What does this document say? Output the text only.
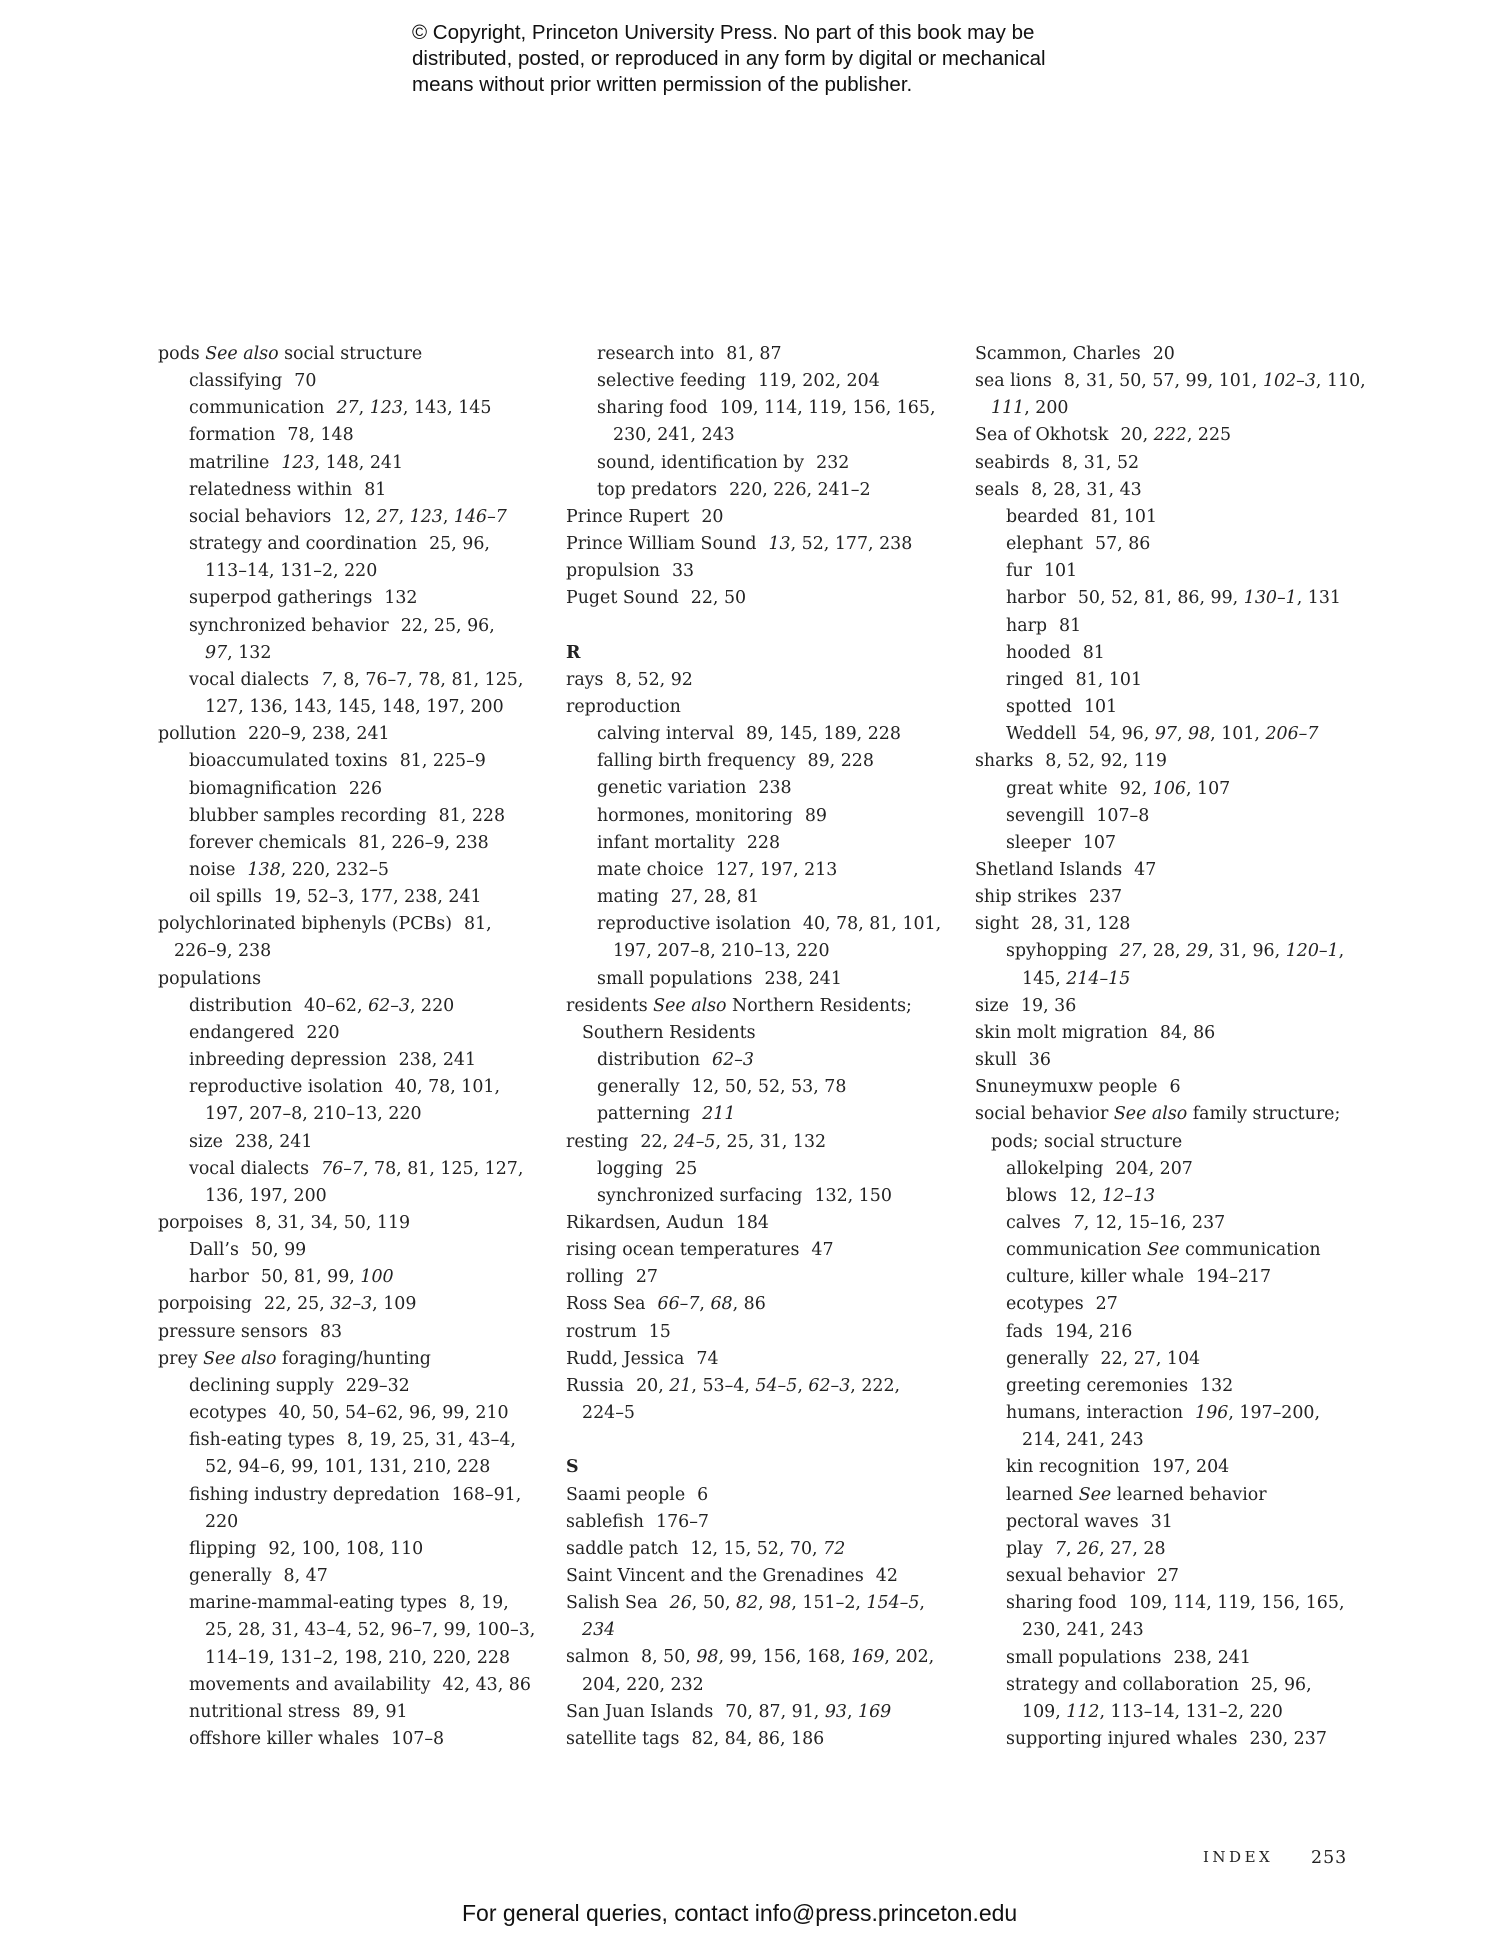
© Copyright, Princeton University Press. No part of this book may be
distributed, posted, or reproduced in any form by digital or mechanical
means without prior written permission of the publisher.
pods See also social structure
classifying 70
communication 27, 123, 143, 145
formation 78, 148
matriline 123, 148, 241
relatedness within 81
social behaviors 12, 27, 123, 146–7
strategy and coordination 25, 96,
113–14, 131–2, 220
superpod gatherings 132
synchronized behavior 22, 25, 96,
97, 132
vocal dialects 7, 8, 76–7, 78, 81, 125,
127, 136, 143, 145, 148, 197, 200
pollution 220–9, 238, 241
bioaccumulated toxins 81, 225–9
biomagnification 226
blubber samples recording 81, 228
forever chemicals 81, 226–9, 238
noise 138, 220, 232–5
oil spills 19, 52–3, 177, 238, 241
polychlorinated biphenyls (PCBs) 81,
226–9, 238
populations
distribution 40–62, 62–3, 220
endangered 220
inbreeding depression 238, 241
reproductive isolation 40, 78, 101,
197, 207–8, 210–13, 220
size 238, 241
vocal dialects 76–7, 78, 81, 125, 127,
136, 197, 200
porpoises 8, 31, 34, 50, 119
Dall’s 50, 99
harbor 50, 81, 99, 100
porpoising 22, 25, 32–3, 109
pressure sensors 83
prey See also foraging/hunting
declining supply 229–32
ecotypes 40, 50, 54–62, 96, 99, 210
fish-eating types 8, 19, 25, 31, 43–4,
52, 94–6, 99, 101, 131, 210, 228
fishing industry depredation 168–91,
220
flipping 92, 100, 108, 110
generally 8, 47
marine-mammal-eating types 8, 19,
25, 28, 31, 43–4, 52, 96–7, 99, 100–3,
114–19, 131–2, 198, 210, 220, 228
movements and availability 42, 43, 86
nutritional stress 89, 91
offshore killer whales 107–8
research into 81, 87
selective feeding 119, 202, 204
sharing food 109, 114, 119, 156, 165,
230, 241, 243
sound, identification by 232
top predators 220, 226, 241–2
Prince Rupert 20
Prince William Sound 13, 52, 177, 238
propulsion 33
Puget Sound 22, 50
R
rays 8, 52, 92
reproduction
calving interval 89, 145, 189, 228
falling birth frequency 89, 228
genetic variation 238
hormones, monitoring 89
infant mortality 228
mate choice 127, 197, 213
mating 27, 28, 81
reproductive isolation 40, 78, 81, 101,
197, 207–8, 210–13, 220
small populations 238, 241
residents See also Northern Residents;
Southern Residents
distribution 62–3
generally 12, 50, 52, 53, 78
patterning 211
resting 22, 24–5, 25, 31, 132
logging 25
synchronized surfacing 132, 150
Rikardsen, Audun 184
rising ocean temperatures 47
rolling 27
Ross Sea 66–7, 68, 86
rostrum 15
Rudd, Jessica 74
Russia 20, 21, 53–4, 54–5, 62–3, 222,
224–5
S
Saami people 6
sablefish 176–7
saddle patch 12, 15, 52, 70, 72
Saint Vincent and the Grenadines 42
Salish Sea 26, 50, 82, 98, 151–2, 154–5,
234
salmon 8, 50, 98, 99, 156, 168, 169, 202,
204, 220, 232
San Juan Islands 70, 87, 91, 93, 169
satellite tags 82, 84, 86, 186
Scammon, Charles 20
sea lions 8, 31, 50, 57, 99, 101, 102–3, 110,
111, 200
Sea of Okhotsk 20, 222, 225
seabirds 8, 31, 52
seals 8, 28, 31, 43
bearded 81, 101
elephant 57, 86
fur 101
harbor 50, 52, 81, 86, 99, 130–1, 131
harp 81
hooded 81
ringed 81, 101
spotted 101
Weddell 54, 96, 97, 98, 101, 206–7
sharks 8, 52, 92, 119
great white 92, 106, 107
sevengill 107–8
sleeper 107
Shetland Islands 47
ship strikes 237
sight 28, 31, 128
spyhopping 27, 28, 29, 31, 96, 120–1,
145, 214–15
size 19, 36
skin molt migration 84, 86
skull 36
Snuneymuxw people 6
social behavior See also family structure;
pods; social structure
allokelping 204, 207
blows 12, 12–13
calves 7, 12, 15–16, 237
communication See communication
culture, killer whale 194–217
ecotypes 27
fads 194, 216
generally 22, 27, 104
greeting ceremonies 132
humans, interaction 196, 197–200,
214, 241, 243
kin recognition 197, 204
learned See learned behavior
pectoral waves 31
play 7, 26, 27, 28
sexual behavior 27
sharing food 109, 114, 119, 156, 165,
230, 241, 243
small populations 238, 241
strategy and collaboration 25, 96,
109, 112, 113–14, 131–2, 220
supporting injured whales 230, 237
INDEX 253
For general queries, contact info@press.princeton.edu
